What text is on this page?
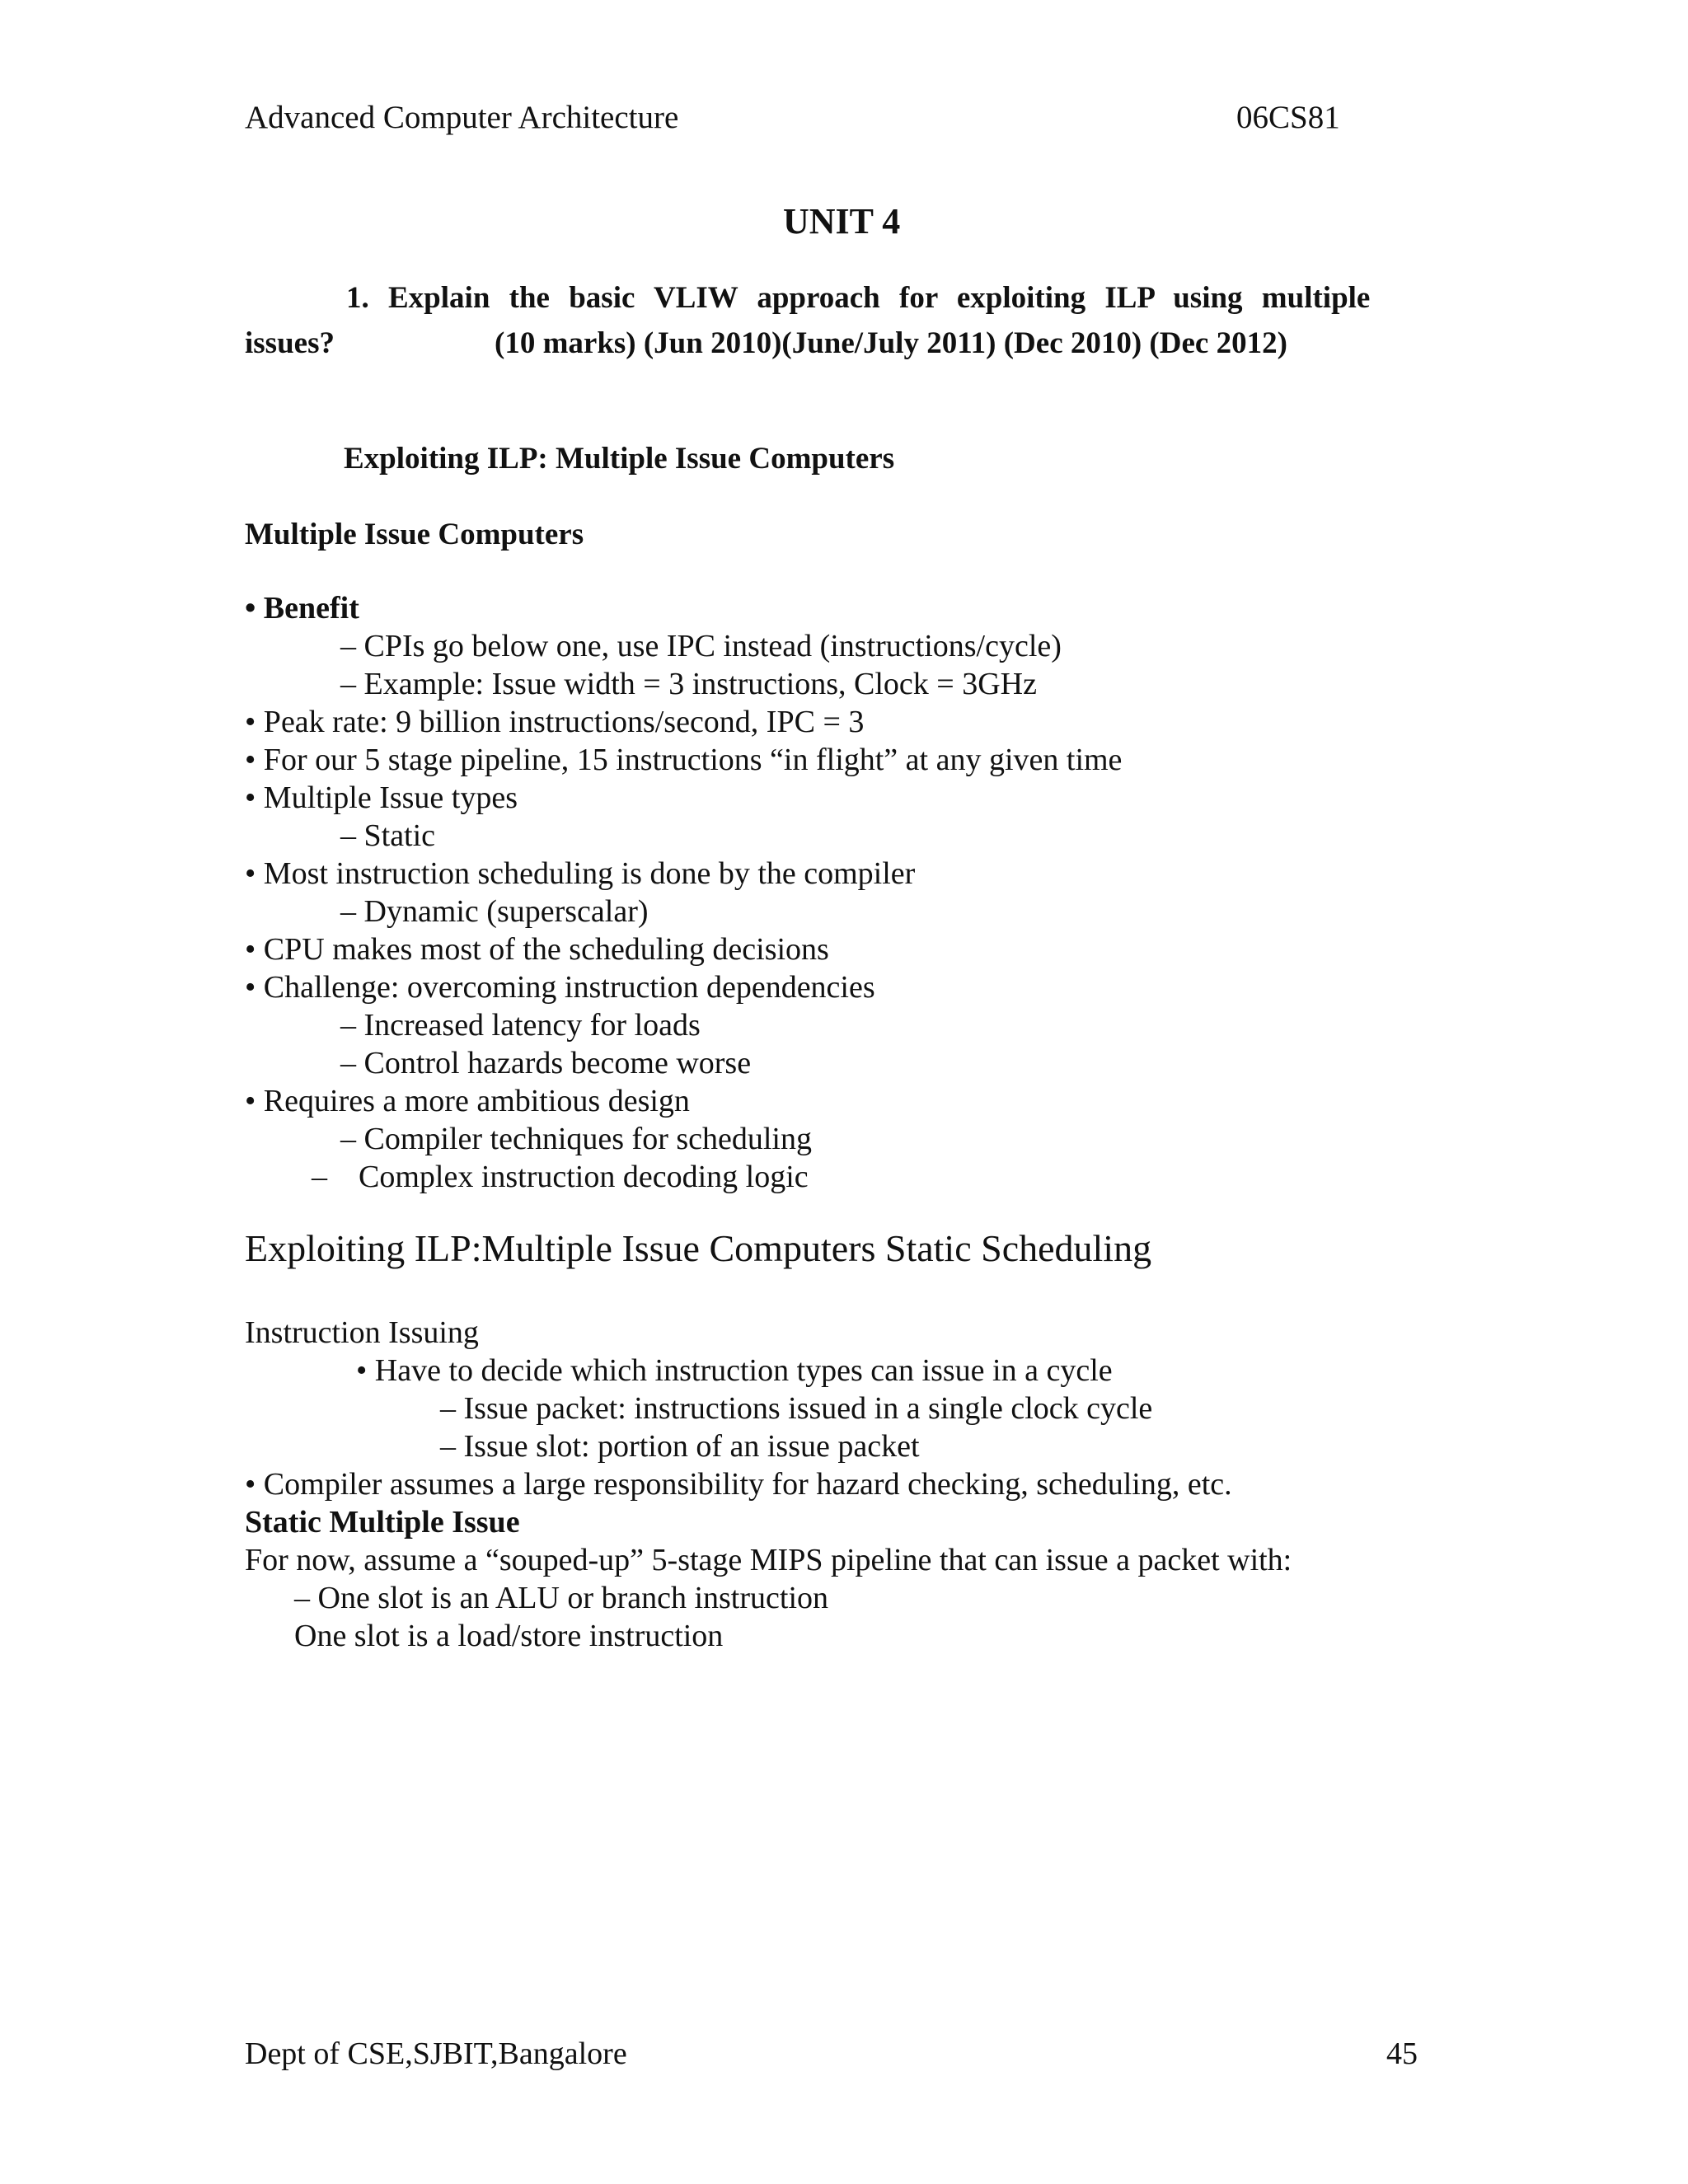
Advanced Computer Architecture	06CS81
UNIT 4
1. Explain the basic VLIW approach for exploiting ILP using multiple
issues?	(10 marks) (Jun 2010)(June/July 2011) (Dec 2010) (Dec 2012)
Exploiting ILP: Multiple Issue Computers
Multiple Issue Computers
• Benefit
– CPIs go below one, use IPC instead (instructions/cycle)
– Example: Issue width = 3 instructions, Clock = 3GHz
• Peak rate: 9 billion instructions/second, IPC = 3
• For our 5 stage pipeline, 15 instructions “in flight” at any given time
• Multiple Issue types
– Static
• Most instruction scheduling is done by the compiler
– Dynamic (superscalar)
• CPU makes most of the scheduling decisions
• Challenge: overcoming instruction dependencies
– Increased latency for loads
– Control hazards become worse
• Requires a more ambitious design
– Compiler techniques for scheduling
–    Complex instruction decoding logic
Exploiting ILP:Multiple Issue Computers Static Scheduling
Instruction Issuing
• Have to decide which instruction types can issue in a cycle
– Issue packet: instructions issued in a single clock cycle
– Issue slot: portion of an issue packet
• Compiler assumes a large responsibility for hazard checking, scheduling, etc.
Static Multiple Issue
For now, assume a “souped-up” 5-stage MIPS pipeline that can issue a packet with:
– One slot is an ALU or branch instruction
One slot is a load/store instruction
Dept of CSE,SJBIT,Bangalore	45
